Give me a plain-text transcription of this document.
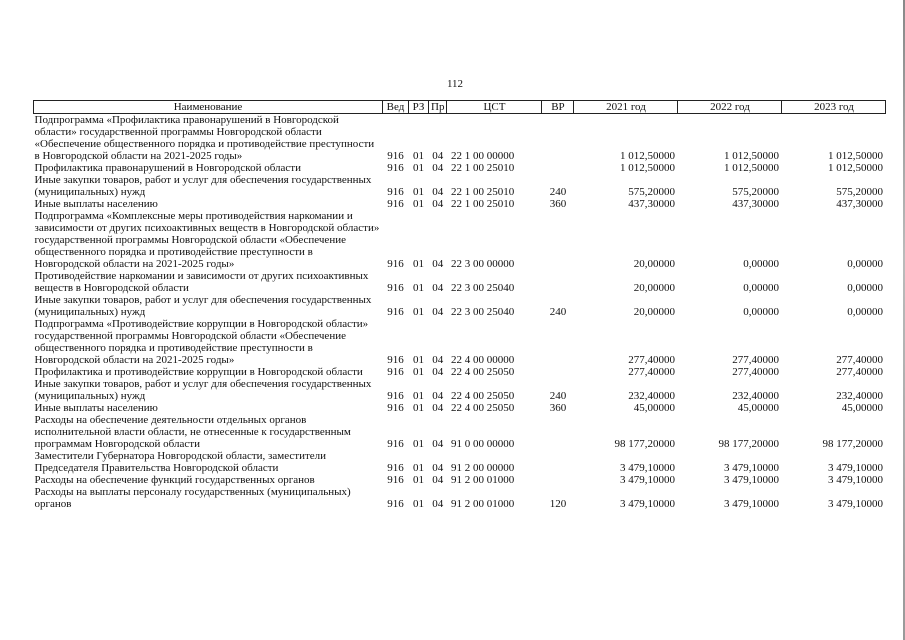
112
Наименование	Вед	РЗ	Пр	ЦСТ	ВР	2021 год	2022 год	2023 год
Подпрограмма «Профилактика правонарушений в Новгородской области» государственной программы Новгородской области «Обеспечение общественного порядка и противодействие преступности в Новгородской области на 2021-2025 годы»	916	01	04	22 1 00 00000		1 012,50000	1 012,50000	1 012,50000
Профилактика правонарушений в Новгородской области	916	01	04	22 1 00 25010		1 012,50000	1 012,50000	1 012,50000
Иные закупки товаров, работ и услуг для обеспечения государственных (муниципальных) нужд	916	01	04	22 1 00 25010	240	575,20000	575,20000	575,20000
Иные выплаты населению	916	01	04	22 1 00 25010	360	437,30000	437,30000	437,30000
Подпрограмма «Комплексные меры противодействия наркомании и зависимости от других психоактивных веществ в Новгородской области» государственной программы Новгородской области «Обеспечение общественного порядка и противодействие преступности в Новгородской области на 2021-2025 годы»	916	01	04	22 3 00 00000		20,00000	0,00000	0,00000
Противодействие наркомании и зависимости от других психоактивных веществ в Новгородской области	916	01	04	22 3 00 25040		20,00000	0,00000	0,00000
Иные закупки товаров, работ и услуг для обеспечения государственных (муниципальных) нужд	916	01	04	22 3 00 25040	240	20,00000	0,00000	0,00000
Подпрограмма «Противодействие коррупции в Новгородской области» государственной программы Новгородской области «Обеспечение общественного порядка и противодействие преступности в Новгородской области на 2021-2025 годы»	916	01	04	22 4 00 00000		277,40000	277,40000	277,40000
Профилактика и противодействие коррупции в Новгородской области	916	01	04	22 4 00 25050		277,40000	277,40000	277,40000
Иные закупки товаров, работ и услуг для обеспечения государственных (муниципальных) нужд	916	01	04	22 4 00 25050	240	232,40000	232,40000	232,40000
Иные выплаты населению	916	01	04	22 4 00 25050	360	45,00000	45,00000	45,00000
Расходы на обеспечение деятельности отдельных органов исполнительной власти области, не отнесенные к государственным программам Новгородской области	916	01	04	91 0 00 00000		98 177,20000	98 177,20000	98 177,20000
Заместители Губернатора Новгородской области, заместители Председателя Правительства Новгородской области	916	01	04	91 2 00 00000		3 479,10000	3 479,10000	3 479,10000
Расходы на обеспечение функций государственных органов	916	01	04	91 2 00 01000		3 479,10000	3 479,10000	3 479,10000
Расходы на выплаты персоналу государственных (муниципальных) органов	916	01	04	91 2 00 01000	120	3 479,10000	3 479,10000	3 479,10000
